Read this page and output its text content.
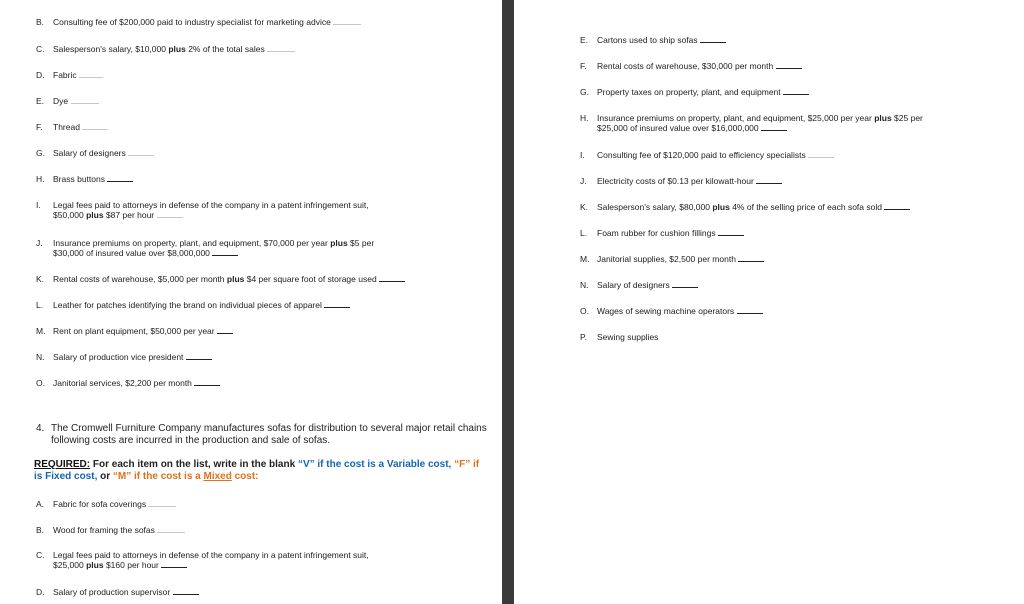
B. Consulting fee of $200,000 paid to industry specialist for marketing advice
C. Salesperson's salary, $10,000 plus 2% of the total sales
D. Fabric
E. Dye
F. Thread
G. Salary of designers
H. Brass buttons
I. Legal fees paid to attorneys in defense of the company in a patent infringement suit,
$50,000 plus $87 per hour
J. Insurance premiums on property, plant, and equipment, $70,000 per year plus $5 per
$30,000 of insured value over $8,000,000
K. Rental costs of warehouse, $5,000 per month plus $4 per square foot of storage used
L. Leather for patches identifying the brand on individual pieces of apparel
M. Rent on plant equipment, $50,000 per year
N. Salary of production vice president
O. Janitorial services, $2,200 per month
4. The Cromwell Furniture Company manufactures sofas for distribution to several major retail chains
following costs are incurred in the production and sale of sofas.
REQUIRED: For each item on the list, write in the blank “V” if the cost is a Variable cost, “F” if
is Fixed cost, or “M” if the cost is a Mixed cost:
A. Fabric for sofa coverings
B. Wood for framing the sofas
C. Legal fees paid to attorneys in defense of the company in a patent infringement suit,
$25,000 plus $160 per hour
D. Salary of production supervisor
E. Cartons used to ship sofas
F. Rental costs of warehouse, $30,000 per month
G. Property taxes on property, plant, and equipment
H. Insurance premiums on property, plant, and equipment, $25,000 per year plus $25 per
$25,000 of insured value over $16,000,000
I. Consulting fee of $120,000 paid to efficiency specialists
J. Electricity costs of $0.13 per kilowatt-hour
K. Salesperson's salary, $80,000 plus 4% of the selling price of each sofa sold
L. Foam rubber for cushion fillings
M. Janitorial supplies, $2,500 per month
N. Salary of designers
O. Wages of sewing machine operators
P. Sewing supplies
